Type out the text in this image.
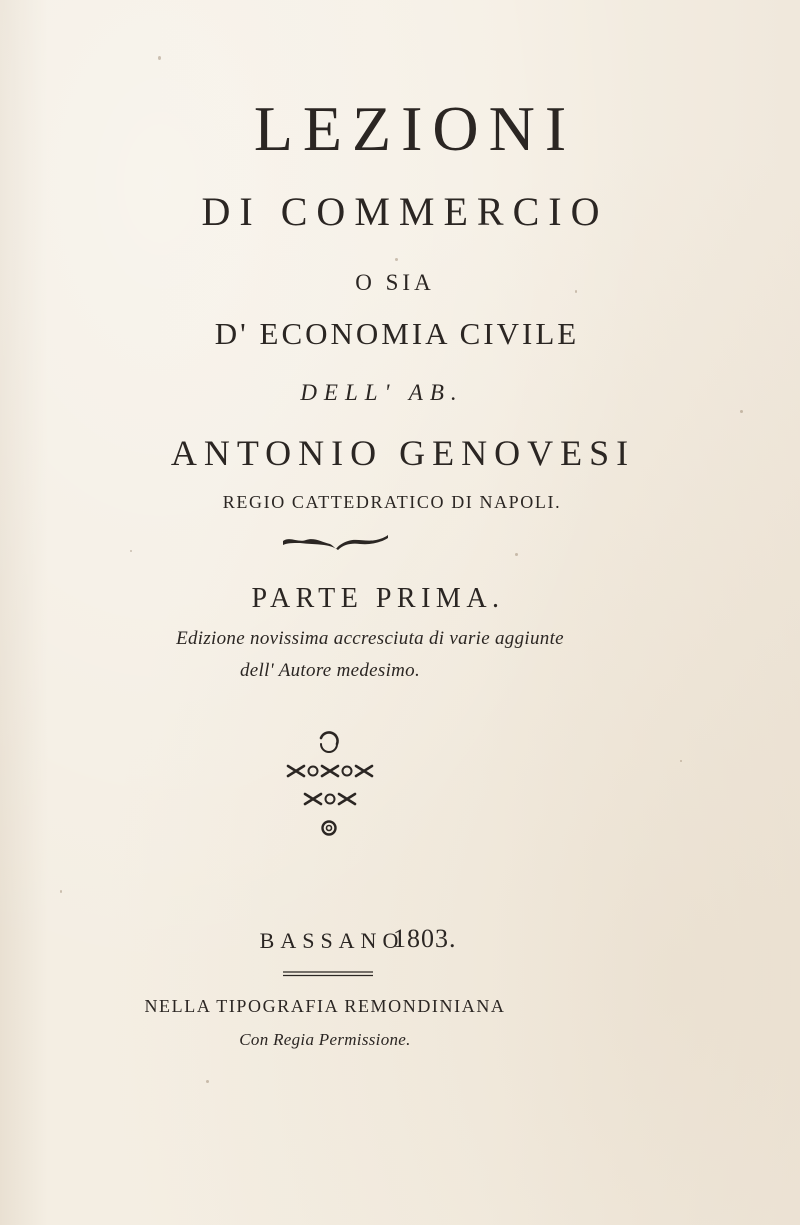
LEZIONI
DI COMMERCIO
O SIA
D' ECONOMIA CIVILE
DELL' AB.
ANTONIO GENOVESI
REGIO CATTEDRATICO DI NAPOLI.
PARTE PRIMA.
Edizione novissima accresciuta di varie aggiunte
dell' Autore medesimo.
BASSANO
1803.
NELLA TIPOGRAFIA REMONDINIANA
Con Regia Permissione.
